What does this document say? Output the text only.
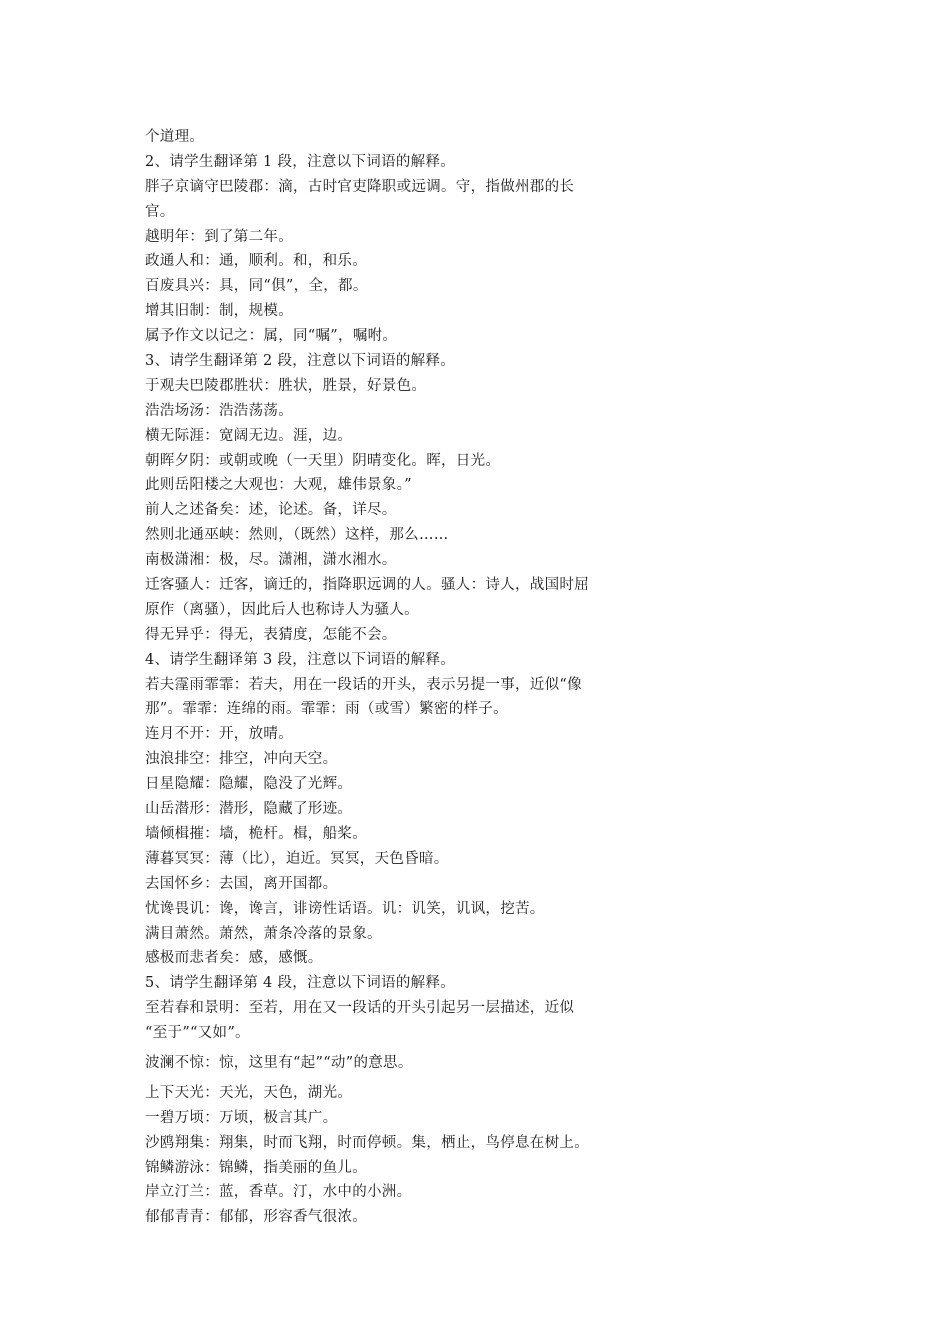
个道理。
2、请学生翻译第 1 段，注意以下词语的解释。
胖子京谪守巴陵郡：滴，古时官吏降职或远调。守，指做州郡的长
官。
越明年：到了第二年。
政通人和：通，顺利。和，和乐。
百废具兴：具，同“俱”，全，都。
增其旧制：制，规模。
属予作文以记之：属，同“嘱”，嘱咐。
3、请学生翻译第 2 段，注意以下词语的解释。
于观夫巴陵郡胜状：胜状，胜景，好景色。
浩浩场汤：浩浩荡荡。
横无际涯：宽阔无边。涯，边。
朝晖夕阴：或朝或晚（一天里）阴晴变化。晖，日光。
此则岳阳楼之大观也：大观，雄伟景象。”
前人之述备矣：述，论述。备，详尽。
然则北通巫峡：然则，（既然）这样，那么……
南极潇湘：极，尽。潇湘，潇水湘水。
迁客骚人：迁客，谪迁的，指降职远调的人。骚人：诗人，战国时屈
原作（离骚），因此后人也称诗人为骚人。
得无异乎：得无，表猜度，怎能不会。
4、请学生翻译第 3 段，注意以下词语的解释。
若夫霪雨霏霏：若夫，用在一段话的开头，表示另提一事，近似“像
那”。霏霏：连绵的雨。霏霏：雨（或雪）繁密的样子。
连月不开：开，放晴。
浊浪排空：排空，冲向天空。
日星隐耀：隐耀，隐没了光辉。
山岳潜形：潜形，隐藏了形迹。
墙倾楫摧：墙，桅杆。楫，船桨。
薄暮冥冥：薄（比），迫近。冥冥，天色昏暗。
去国怀乡：去国，离开国都。
忧谗畏讥：谗，谗言，诽谤性话语。讥：讥笑，讥讽，挖苦。
满目萧然。萧然，萧条冷落的景象。
感极而悲者矣：感，感慨。
5、请学生翻译第 4 段，注意以下词语的解释。
至若春和景明：至若，用在又一段话的开头引起另一层描述，近似
“至于”“又如”。
波澜不惊：惊，这里有“起”“动”的意思。
上下天光：天光，天色，湖光。
一碧万顷：万顷，极言其广。
沙鸥翔集：翔集，时而飞翔，时而停顿。集，栖止，鸟停息在树上。
锦鳞游泳：锦鳞，指美丽的鱼儿。
岸立汀兰：蓝，香草。汀，水中的小洲。
郁郁青青：郁郁，形容香气很浓。
